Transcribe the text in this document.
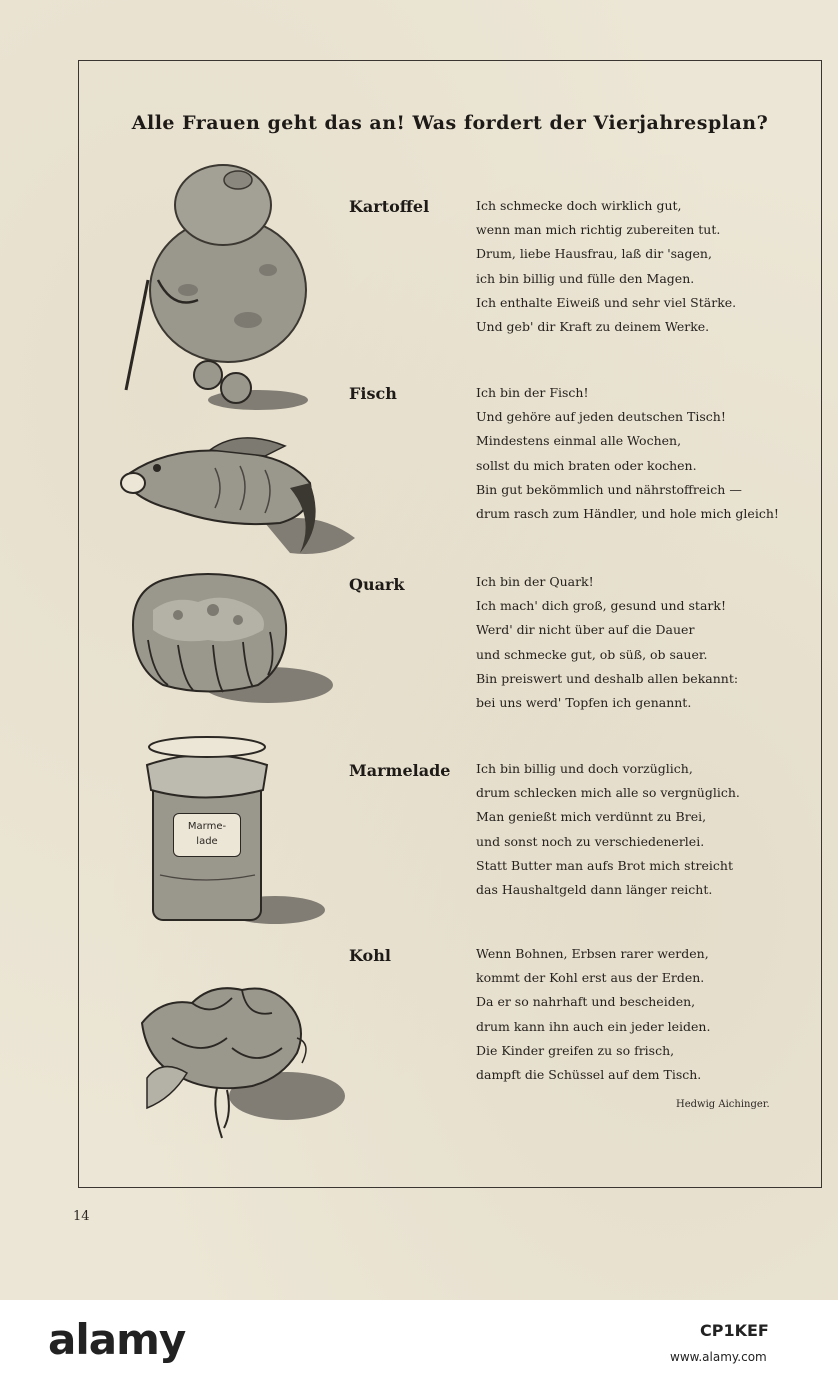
Alle Frauen geht das an! Was fordert der Vierjahresplan?
Kartoffel	Ich schmecke doch wirklich gut,
wenn man mich richtig zubereiten tut.
Drum, liebe Hausfrau, laß dir 'sagen,
ich bin billig und fülle den Magen.
Ich enthalte Eiweiß und sehr viel Stärke.
Und geb' dir Kraft zu deinem Werke.
Fisch	Ich bin der Fisch!
Und gehöre auf jeden deutschen Tisch!
Mindestens einmal alle Wochen,
sollst du mich braten oder kochen.
Bin gut bekömmlich und nährstoffreich —
drum rasch zum Händler, und hole mich gleich!
Quark	Ich bin der Quark!
Ich mach' dich groß, gesund und stark!
Werd' dir nicht über auf die Dauer
und schmecke gut, ob süß, ob sauer.
Bin preiswert und deshalb allen bekannt:
bei uns werd' Topfen ich genannt.
Marme-
lade
Marmelade Ich bin billig und doch vorzüglich,
drum schlecken mich alle so vergnüglich.
Man genießt mich verdünnt zu Brei,
und sonst noch zu verschiedenerlei.
Statt Butter man aufs Brot mich streicht
das Haushaltgeld dann länger reicht.
Kohl	Wenn Bohnen, Erbsen rarer werden,
kommt der Kohl erst aus der Erden.
Da er so nahrhaft und bescheiden,
drum kann ihn auch ein jeder leiden.
Die Kinder greifen zu so frisch,
dampft die Schüssel auf dem Tisch.
Hedwig Aichinger.
14
alamy	CP1KEF
www.alamy.com
